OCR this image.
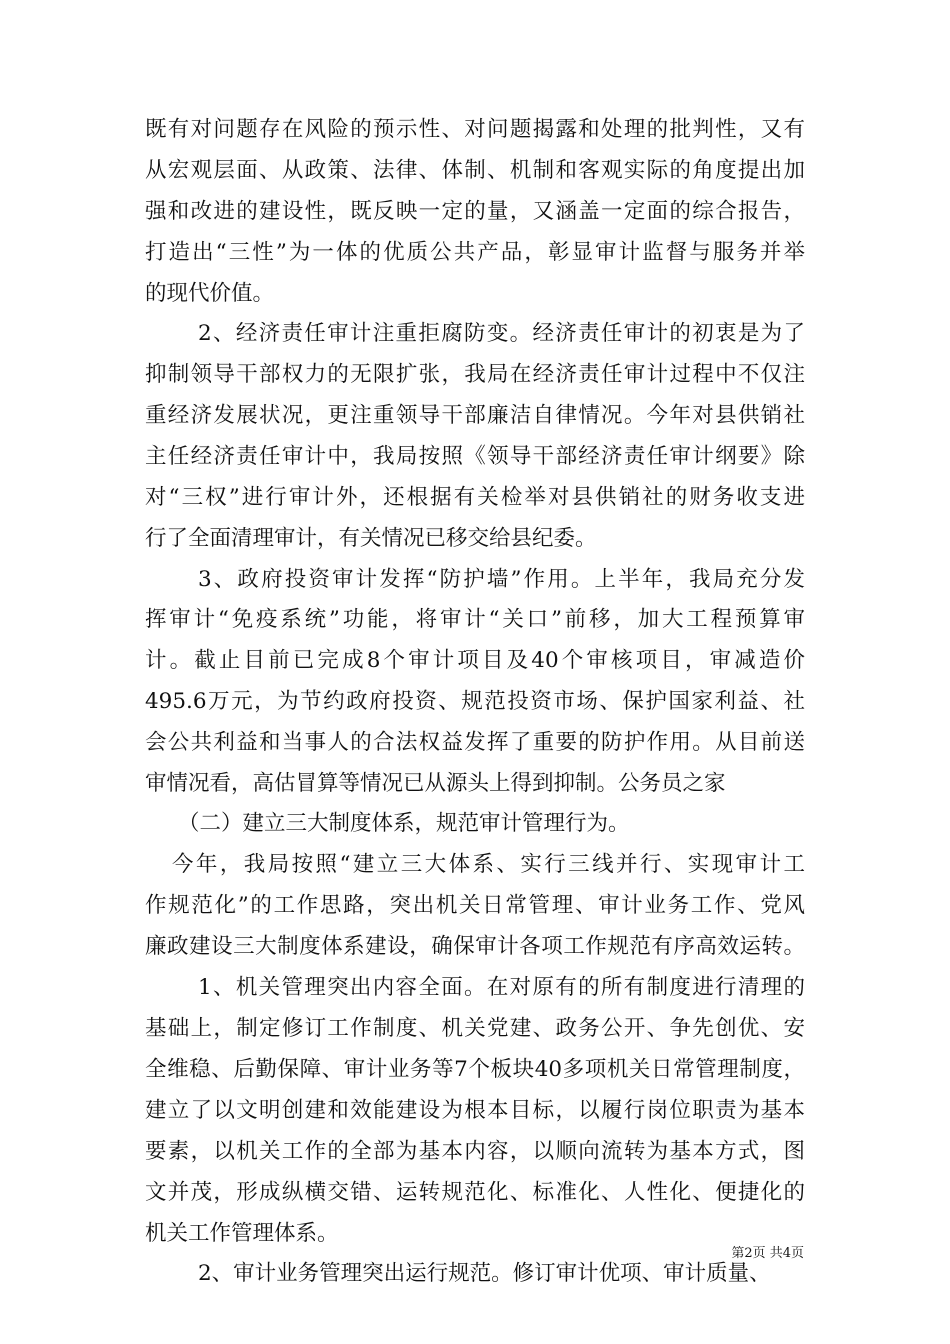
既有对问题存在风险的预示性、对问题揭露和处理的批判性，又有
从宏观层面、从政策、法律、体制、机制和客观实际的角度提出加
强和改进的建设性，既反映一定的量，又涵盖一定面的综合报告，
打造出“三性”为一体的优质公共产品，彰显审计监督与服务并举
的现代价值。
2、经济责任审计注重拒腐防变。经济责任审计的初衷是为了
抑制领导干部权力的无限扩张，我局在经济责任审计过程中不仅注
重经济发展状况，更注重领导干部廉洁自律情况。今年对县供销社
主任经济责任审计中，我局按照《领导干部经济责任审计纲要》除
对“三权”进行审计外，还根据有关检举对县供销社的财务收支进
行了全面清理审计，有关情况已移交给县纪委。
3、政府投资审计发挥“防护墙”作用。上半年，我局充分发
挥审计“免疫系统”功能，将审计“关口”前移，加大工程预算审
计。截止目前已完成8个审计项目及40个审核项目，审减造价
495.6万元，为节约政府投资、规范投资市场、保护国家利益、社
会公共利益和当事人的合法权益发挥了重要的防护作用。从目前送
审情况看，高估冒算等情况已从源头上得到抑制。公务员之家
（二）建立三大制度体系，规范审计管理行为。
今年，我局按照“建立三大体系、实行三线并行、实现审计工
作规范化”的工作思路，突出机关日常管理、审计业务工作、党风
廉政建设三大制度体系建设，确保审计各项工作规范有序高效运转。
1、机关管理突出内容全面。在对原有的所有制度进行清理的
基础上，制定修订工作制度、机关党建、政务公开、争先创优、安
全维稳、后勤保障、审计业务等7个板块40多项机关日常管理制度，
建立了以文明创建和效能建设为根本目标，以履行岗位职责为基本
要素，以机关工作的全部为基本内容，以顺向流转为基本方式，图
文并茂，形成纵横交错、运转规范化、标准化、人性化、便捷化的
机关工作管理体系。
2、审计业务管理突出运行规范。修订审计优项、审计质量、
第2页 共4页
